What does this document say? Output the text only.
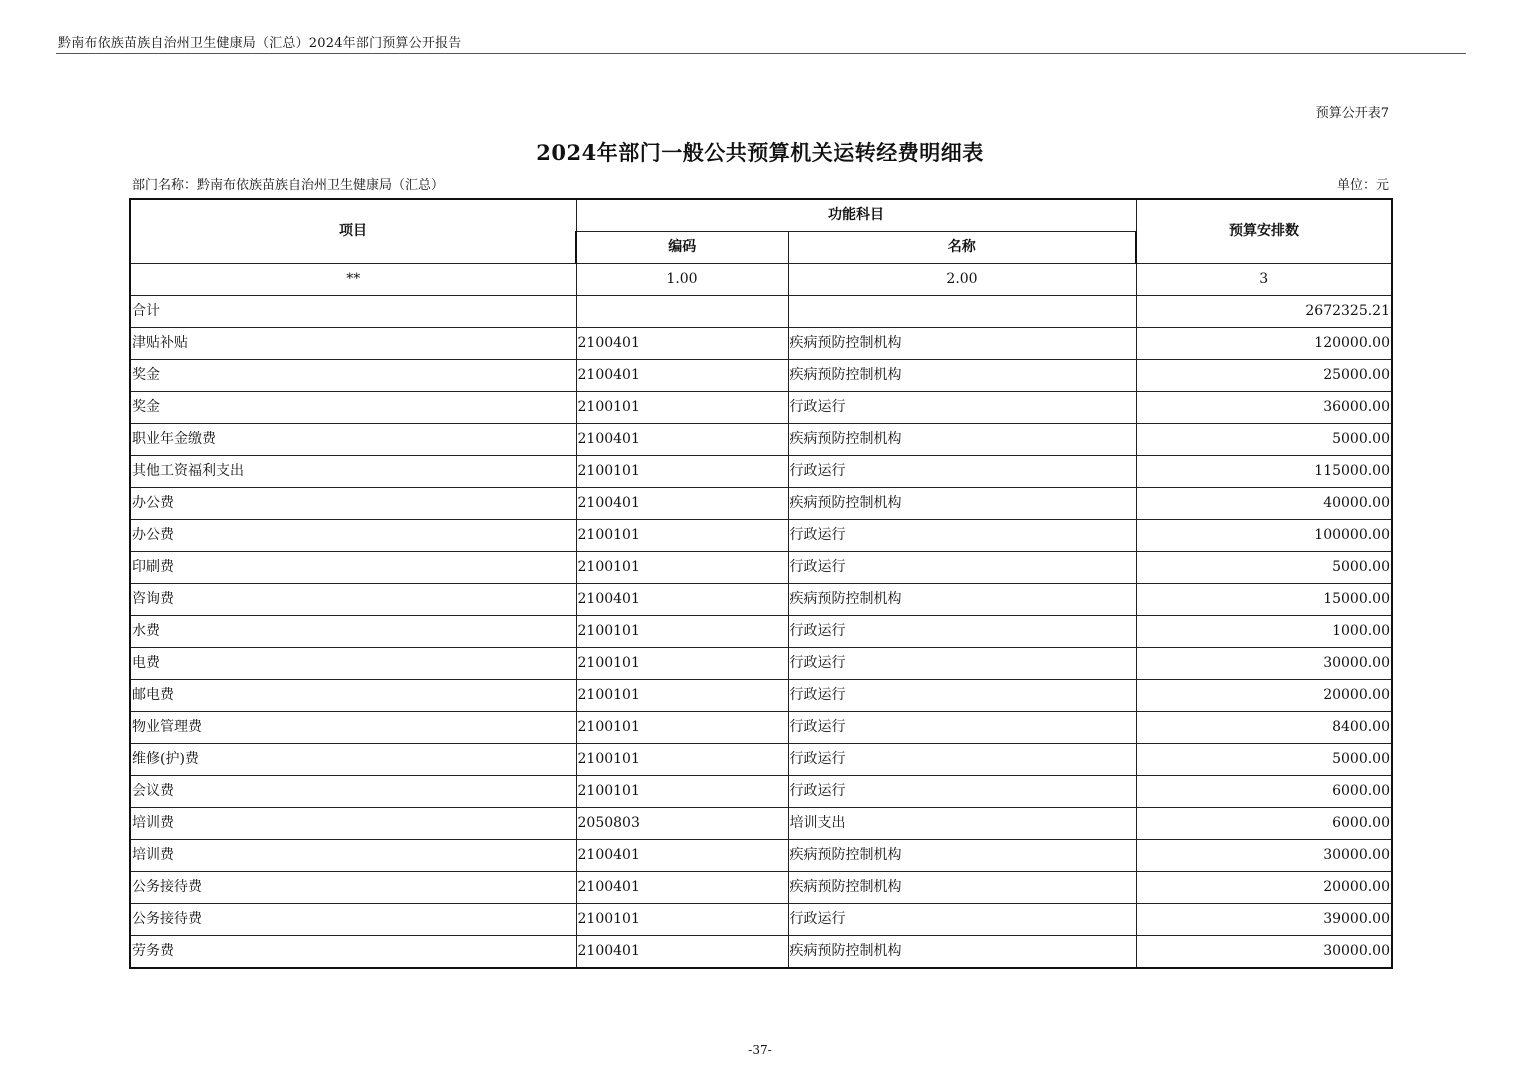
黔南布依族苗族自治州卫生健康局（汇总）2024年部门预算公开报告
预算公开表7
2024年部门一般公共预算机关运转经费明细表
部门名称：黔南布依族苗族自治州卫生健康局（汇总）	单位：元
项目	功能科目		预算安排数
	编码	名称	
**	1.00	2.00	3
合计			2672325.21
津贴补贴	2100401	疾病预防控制机构	120000.00
奖金	2100401	疾病预防控制机构	25000.00
奖金	2100101	行政运行	36000.00
职业年金缴费	2100401	疾病预防控制机构	5000.00
其他工资福利支出	2100101	行政运行	115000.00
办公费	2100401	疾病预防控制机构	40000.00
办公费	2100101	行政运行	100000.00
印刷费	2100101	行政运行	5000.00
咨询费	2100401	疾病预防控制机构	15000.00
水费	2100101	行政运行	1000.00
电费	2100101	行政运行	30000.00
邮电费	2100101	行政运行	20000.00
物业管理费	2100101	行政运行	8400.00
维修(护)费	2100101	行政运行	5000.00
会议费	2100101	行政运行	6000.00
培训费	2050803	培训支出	6000.00
培训费	2100401	疾病预防控制机构	30000.00
公务接待费	2100401	疾病预防控制机构	20000.00
公务接待费	2100101	行政运行	39000.00
劳务费	2100401	疾病预防控制机构	30000.00
-37-
